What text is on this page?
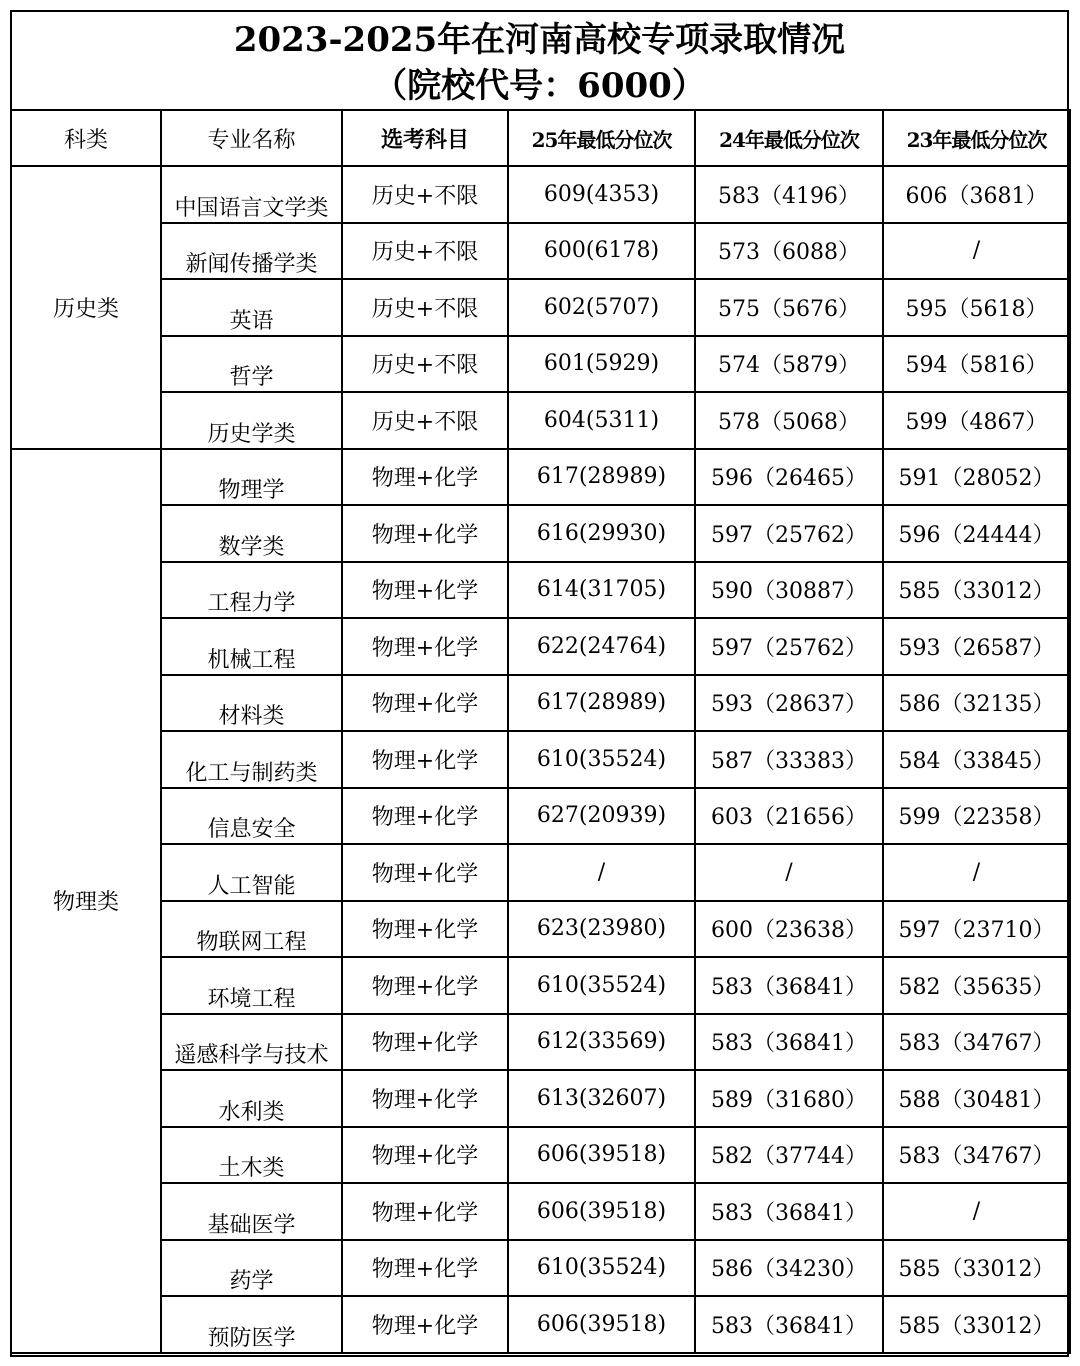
2023-2025年在河南高校专项录取情况
（院校代号：6000）
科类	专业名称	选考科目	25年最低分位次	24年最低分位次	23年最低分位次
历史类	中国语言文学类	历史+不限	609(4353)	583（4196）	606（3681）
	新闻传播学类	历史+不限	600(6178)	573（6088）	/
	英语	历史+不限	602(5707)	575（5676）	595（5618）
	哲学	历史+不限	601(5929)	574（5879）	594（5816）
	历史学类	历史+不限	604(5311)	578（5068）	599（4867）
物理类	物理学	物理+化学	617(28989)	596（26465）	591（28052）
	数学类	物理+化学	616(29930)	597（25762）	596（24444）
	工程力学	物理+化学	614(31705)	590（30887）	585（33012）
	机械工程	物理+化学	622(24764)	597（25762）	593（26587）
	材料类	物理+化学	617(28989)	593（28637）	586（32135）
	化工与制药类	物理+化学	610(35524)	587（33383）	584（33845）
	信息安全	物理+化学	627(20939)	603（21656）	599（22358）
	人工智能	物理+化学	/	/	/
	物联网工程	物理+化学	623(23980)	600（23638）	597（23710）
	环境工程	物理+化学	610(35524)	583（36841）	582（35635）
	遥感科学与技术	物理+化学	612(33569)	583（36841）	583（34767）
	水利类	物理+化学	613(32607)	589（31680）	588（30481）
	土木类	物理+化学	606(39518)	582（37744）	583（34767）
	基础医学	物理+化学	606(39518)	583（36841）	/
	药学	物理+化学	610(35524)	586（34230）	585（33012）
	预防医学	物理+化学	606(39518)	583（36841）	585（33012）
